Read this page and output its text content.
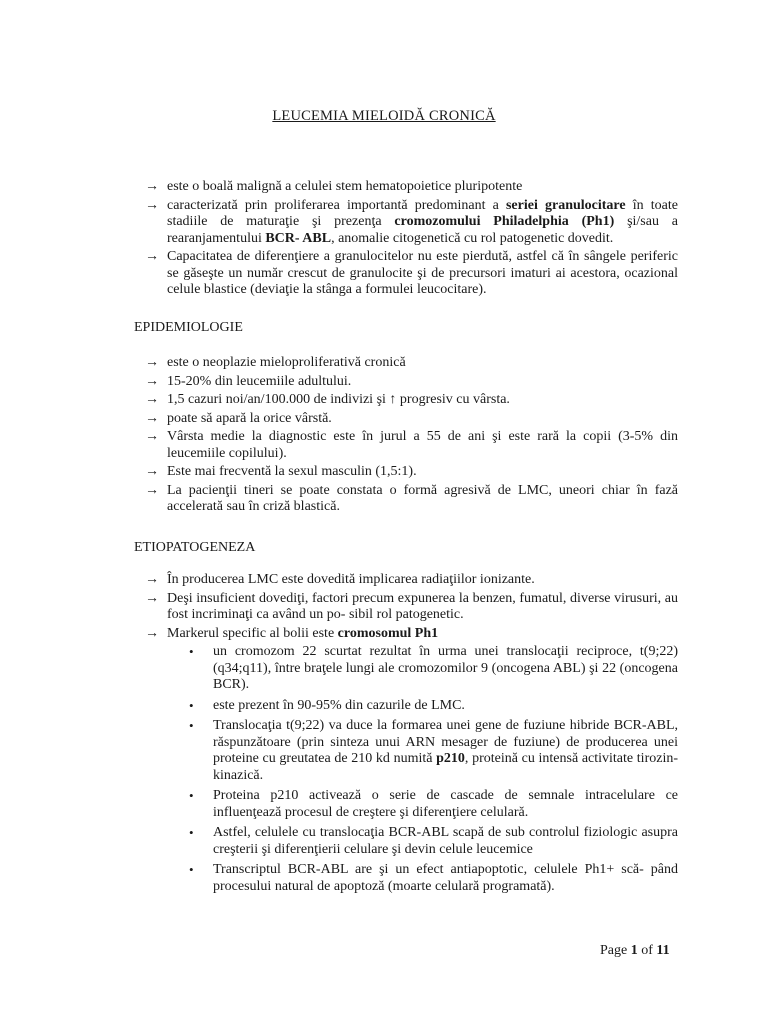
LEUCEMIA MIELOIDĂ CRONICĂ
→ este o boală malignă a celulei stem hematopoietice pluripotente
→ caracterizată prin proliferarea importantă predominant a seriei granulocitare în toate stadiile de maturaţie şi prezenţa cromozomului Philadelphia (Ph1) şi/sau a rearanjamentului BCR- ABL, anomalie citogenetică cu rol patogenetic dovedit.
→ Capacitatea de diferenţiere a granulocitelor nu este pierdută, astfel că în sângele periferic se găseşte un număr crescut de granulocite şi de precursori imaturi ai acestora, ocazional celule blastice (deviaţie la stânga a formulei leucocitare).
EPIDEMIOLOGIE
→ este o neoplazie mieloproliferativă cronică
→ 15-20% din leucemiile adultului.
→ 1,5 cazuri noi/an/100.000 de indivizi şi ↑ progresiv cu vârsta.
→ poate să apară la orice vârstă.
→ Vârsta medie la diagnostic este în jurul a 55 de ani şi este rară la copii (3-5% din leucemiile copilului).
→ Este mai frecventă la sexul masculin (1,5:1).
→ La pacienţii tineri se poate constata o formă agresivă de LMC, uneori chiar în fază accelerată sau în criză blastică.
ETIOPATOGENEZA
→ În producerea LMC este dovedită implicarea radiaţiilor ionizante.
→ Deşi insuficient dovediţi, factori precum expunerea la benzen, fumatul, diverse virusuri, au fost incriminaţi ca având un po- sibil rol patogenetic.
→ Markerul specific al bolii este cromosomul Ph1
• un cromozom 22 scurtat rezultat în urma unei translocaţii reciproce, t(9;22) (q34;q11), între braţele lungi ale cromozomilor 9 (oncogena ABL) şi 22 (oncogena BCR).
• este prezent în 90-95% din cazurile de LMC.
• Translocaţia t(9;22) va duce la formarea unei gene de fuziune hibride BCR-ABL, răspunzătoare (prin sinteza unui ARN mesager de fuziune) de producerea unei proteine cu greutatea de 210 kd numită p210, proteină cu intensă activitate tirozin-kinazică.
• Proteina p210 activează o serie de cascade de semnale intracelulare ce influenţează procesul de creştere şi diferenţiere celulară.
• Astfel, celulele cu translocaţia BCR-ABL scapă de sub controlul fiziologic asupra creşterii şi diferenţierii celulare şi devin celule leucemice
• Transcriptul BCR-ABL are şi un efect antiapoptotic, celulele Ph1+ scă- pând procesului natural de apoptoză (moarte celulară programată).
Page 1 of 11
